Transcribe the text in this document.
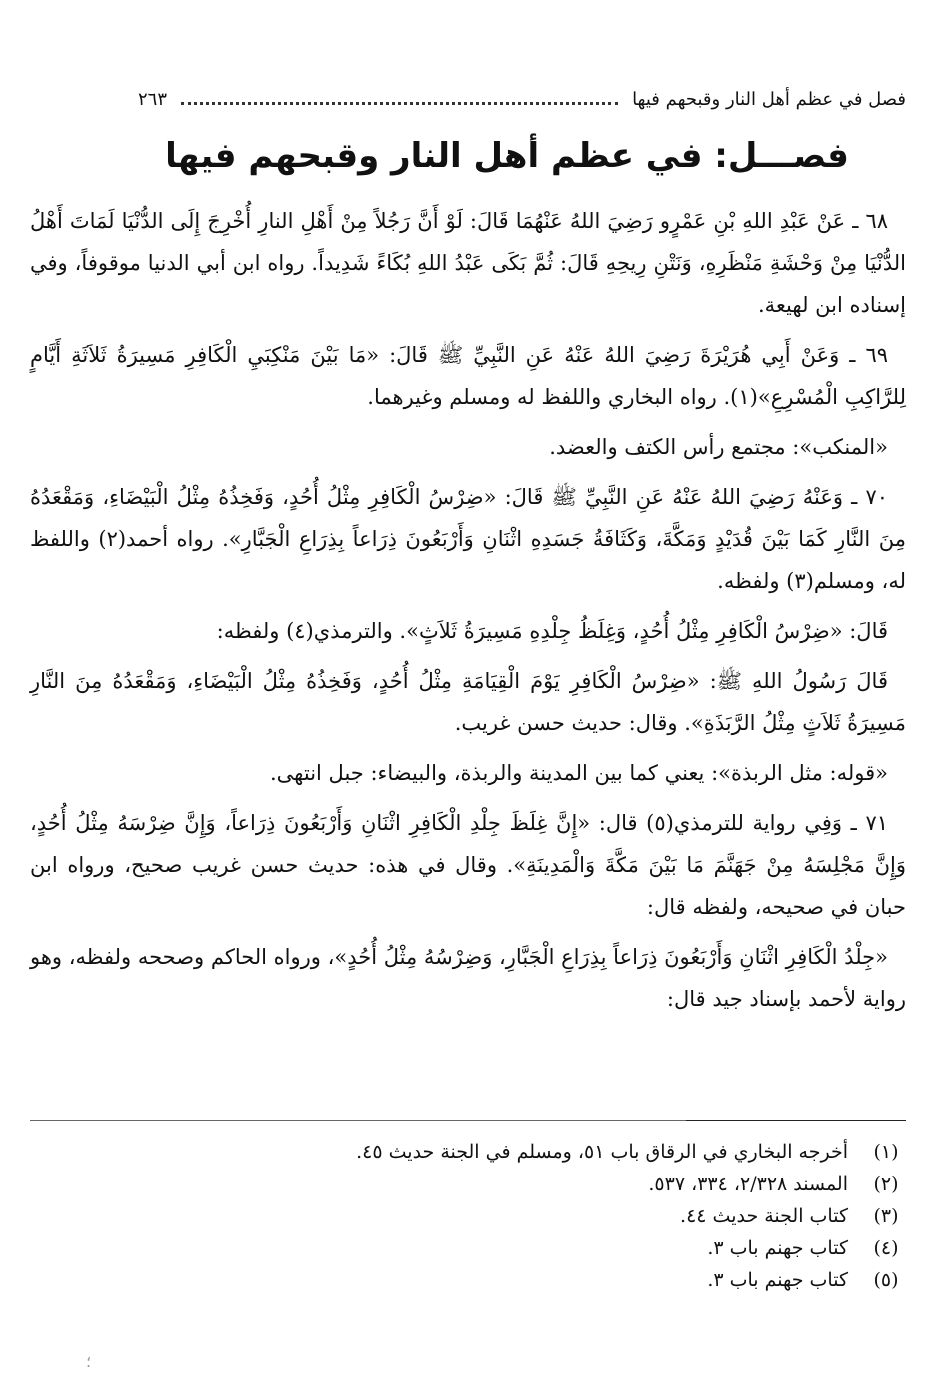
فصل في عظم أهل النار وقبحهم فيها
٢٦٣
فصـــل: في عظم أهل النار وقبحهم فيها

٦٨ ـ عَنْ عَبْدِ اللهِ بْنِ عَمْرٍو رَضِيَ اللهُ عَنْهُمَا قَالَ: لَوْ أَنَّ رَجُلاً مِنْ أَهْلِ النارِ أُخْرِجَ إِلَى الدُّنْيَا لَمَاتَ أَهْلُ الدُّنْيَا مِنْ وَحْشَةِ مَنْظَرِهِ، وَنَتْنِ رِيحِهِ قَالَ: ثُمَّ بَكَى عَبْدُ اللهِ بُكَاءً شَدِيداً. رواه ابن أبي الدنيا موقوفاً، وفي إسناده ابن لهيعة.

٦٩ ـ وَعَنْ أَبِي هُرَيْرَةَ رَضِيَ اللهُ عَنْهُ عَنِ النَّبِيِّ ﷺ قَالَ: «مَا بَيْنَ مَنْكِبَيِ الْكَافِرِ مَسِيرَةُ ثَلاَثَةِ أَيَّامٍ لِلرَّاكِبِ الْمُسْرِعِ»(١). رواه البخاري واللفظ له ومسلم وغيرهما.

«المنكب»: مجتمع رأس الكتف والعضد.

٧٠ ـ وَعَنْهُ رَضِيَ اللهُ عَنْهُ عَنِ النَّبِيِّ ﷺ قَالَ: «ضِرْسُ الْكَافِرِ مِثْلُ أُحُدٍ، وَفَخِذُهُ مِثْلُ الْبَيْضَاءِ، وَمَقْعَدُهُ مِنَ النَّارِ كَمَا بَيْنَ قُدَيْدٍ وَمَكَّةَ، وَكَثَافَةُ جَسَدِهِ اثْنَانِ وَأَرْبَعُونَ ذِرَاعاً بِذِرَاعِ الْجَبَّارِ». رواه أحمد(٢) واللفظ له، ومسلم(٣) ولفظه.

قَالَ: «ضِرْسُ الْكَافِرِ مِثْلُ أُحُدٍ، وَغِلَظُ جِلْدِهِ مَسِيرَةُ ثَلاَثٍ». والترمذي(٤) ولفظه:

قَالَ رَسُولُ اللهِ ﷺ: «ضِرْسُ الْكَافِرِ يَوْمَ الْقِيَامَةِ مِثْلُ أُحُدٍ، وَفَخِذُهُ مِثْلُ الْبَيْضَاءِ، وَمَقْعَدُهُ مِنَ النَّارِ مَسِيرَةُ ثَلاَثٍ مِثْلُ الرَّبَذَةِ». وقال: حديث حسن غريب.

«قوله: مثل الربذة»: يعني كما بين المدينة والربذة، والبيضاء: جبل انتهى.

٧١ ـ وَفِي رواية للترمذي(٥) قال: «إِنَّ غِلَظَ جِلْدِ الْكَافِرِ اثْنَانِ وَأَرْبَعُونَ ذِرَاعاً، وَإِنَّ ضِرْسَهُ مِثْلُ أُحُدٍ، وَإِنَّ مَجْلِسَهُ مِنْ جَهَنَّمَ مَا بَيْنَ مَكَّةَ وَالْمَدِينَةِ». وقال في هذه: حديث حسن غريب صحيح، ورواه ابن حبان في صحيحه، ولفظه قال:

«جِلْدُ الْكَافِرِ اثْنَانِ وَأَرْبَعُونَ ذِرَاعاً بِذِرَاعِ الْجَبَّارِ، وَضِرْسُهُ مِثْلُ أُحُدٍ»، ورواه الحاكم وصححه ولفظه، وهو رواية لأحمد بإسناد جيد قال:

(١)
أخرجه البخاري في الرقاق باب ٥١، ومسلم في الجنة حديث ٤٥.
(٢)
المسند ٢/٣٢٨، ٣٣٤، ٥٣٧.
(٣)
كتاب الجنة حديث ٤٤.
(٤)
كتاب جهنم باب ٣.
(٥)
كتاب جهنم باب ٣.
؛
